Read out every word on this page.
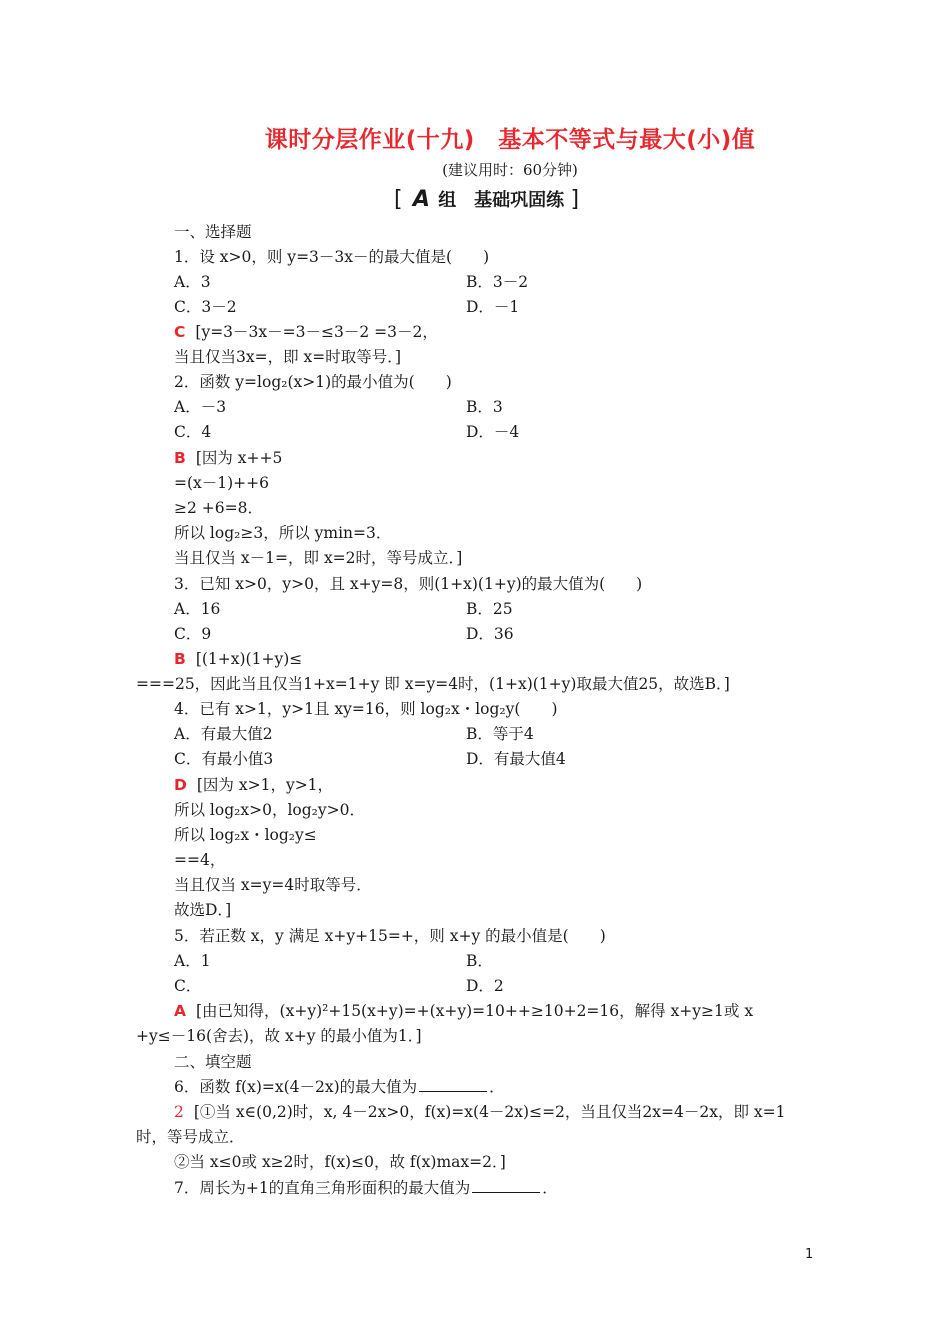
课时分层作业(十九)　基本不等式与最大(小)值
(建议用时：60分钟)
[ A 组　基础巩固练 ]
一、选择题
1．设 x>0，则 y=3－3x－的最大值是(　　)
A．3	B．3－2
C．3－2	D．－1
C [y=3－3x－=3－≤3－2 =3－2，
当且仅当3x=，即 x=时取等号．]
2．函数 y=log₂(x>1)的最小值为(　　)
A．－3	B．3
C．4	D．－4
B [因为 x++5
=(x－1)++6
≥2 +6=8．
所以 log₂≥3，所以 ymin=3．
当且仅当 x－1=，即 x=2时，等号成立．]
3．已知 x>0，y>0，且 x+y=8，则(1+x)(1+y)的最大值为(　　)
A．16	B．25
C．9	D．36
B [(1+x)(1+y)≤
===25，因此当且仅当1+x=1+y 即 x=y=4时，(1+x)(1+y)取最大值25，故选B．]
4．已有 x>1，y>1且 xy=16，则 log₂x・log₂y(　　)
A．有最大值2	B．等于4
C．有最小值3	D．有最大值4
D [因为 x>1，y>1，
所以 log₂x>0，log₂y>0．
所以 log₂x・log₂y≤
==4，
当且仅当 x=y=4时取等号．
故选D．]
5．若正数 x，y 满足 x+y+15=+，则 x+y 的最小值是(　　)
A．1	B．
C．	D．2
A [由已知得，(x+y)²+15(x+y)=+(x+y)=10++≥10+2=16，解得 x+y≥1或 x
+y≤－16(舍去)，故 x+y 的最小值为1．]
二、填空题
6．函数 f(x)=x(4－2x)的最大值为	．
2 [①当 x∈(0,2)时，x, 4－2x>0，f(x)=x(4－2x)≤=2，当且仅当2x=4－2x，即 x=1
时，等号成立．
②当 x≤0或 x≥2时，f(x)≤0，故 f(x)max=2．]
7．周长为+1的直角三角形面积的最大值为	．
1
